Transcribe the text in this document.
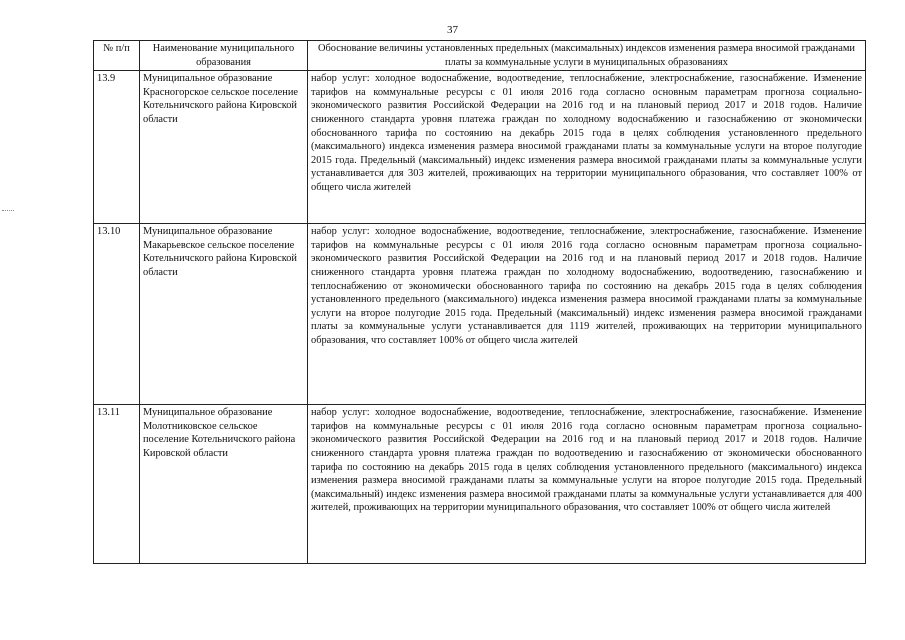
37
№ п/п	Наименование муниципального образования	Обоснование величины установленных предельных (максимальных) индексов изменения размера вносимой гражданами платы за коммунальные услуги в муниципальных образованиях
13.9	Муниципальное образование Красногорское сельское поселение Котельничского района Кировской области	набор услуг: холодное водоснабжение, водоотведение, теплоснабжение, электроснабжение, газоснабжение. Изменение тарифов на коммунальные ресурсы с 01 июля 2016 года согласно основным параметрам прогноза социально-экономического развития Российской Федерации на 2016 год и на плановый период 2017 и 2018 годов. Наличие сниженного стандарта уровня платежа граждан по холодному водоснабжению и газоснабжению от экономически обоснованного тарифа по состоянию на декабрь 2015 года в целях соблюдения установленного предельного (максимального) индекса изменения размера вносимой гражданами платы за коммунальные услуги на второе полугодие 2015 года. Предельный (максимальный) индекс изменения размера вносимой гражданами платы за коммунальные услуги устанавливается для 303 жителей, проживающих на территории муниципального образования, что составляет 100% от общего числа жителей
13.10	Муниципальное образование Макарьевское сельское поселение Котельничского района Кировской области	набор услуг: холодное водоснабжение, водоотведение, теплоснабжение, электроснабжение, газоснабжение. Изменение тарифов на коммунальные ресурсы с 01 июля 2016 года согласно основным параметрам прогноза социально-экономического развития Российской Федерации на 2016 год и на плановый период 2017 и 2018 годов. Наличие сниженного стандарта уровня платежа граждан по холодному водоснабжению, водоотведению, газоснабжению и теплоснабжению от экономически обоснованного тарифа по состоянию на декабрь 2015 года в целях соблюдения установленного предельного (максимального) индекса изменения размера вносимой гражданами платы за коммунальные услуги на второе полугодие 2015 года. Предельный (максимальный) индекс изменения размера вносимой гражданами платы за коммунальные услуги устанавливается для 1119 жителей, проживающих на территории муниципального образования, что составляет 100% от общего числа жителей
13.11	Муниципальное образование Молотниковское сельское поселение Котельничского района Кировской области	набор услуг: холодное водоснабжение, водоотведение, теплоснабжение, электроснабжение, газоснабжение. Изменение тарифов на коммунальные ресурсы с 01 июля 2016 года согласно основным параметрам прогноза социально-экономического развития Российской Федерации на 2016 год и на плановый период 2017 и 2018 годов. Наличие сниженного стандарта уровня платежа граждан по водоотведению и газоснабжению от экономически обоснованного тарифа по состоянию на декабрь 2015 года в целях соблюдения установленного предельного (максимального) индекса изменения размера вносимой гражданами платы за коммунальные услуги на второе полугодие 2015 года. Предельный (максимальный) индекс изменения размера вносимой гражданами платы за коммунальные услуги устанавливается для 400 жителей, проживающих на территории муниципального образования, что составляет 100% от общего числа жителей
